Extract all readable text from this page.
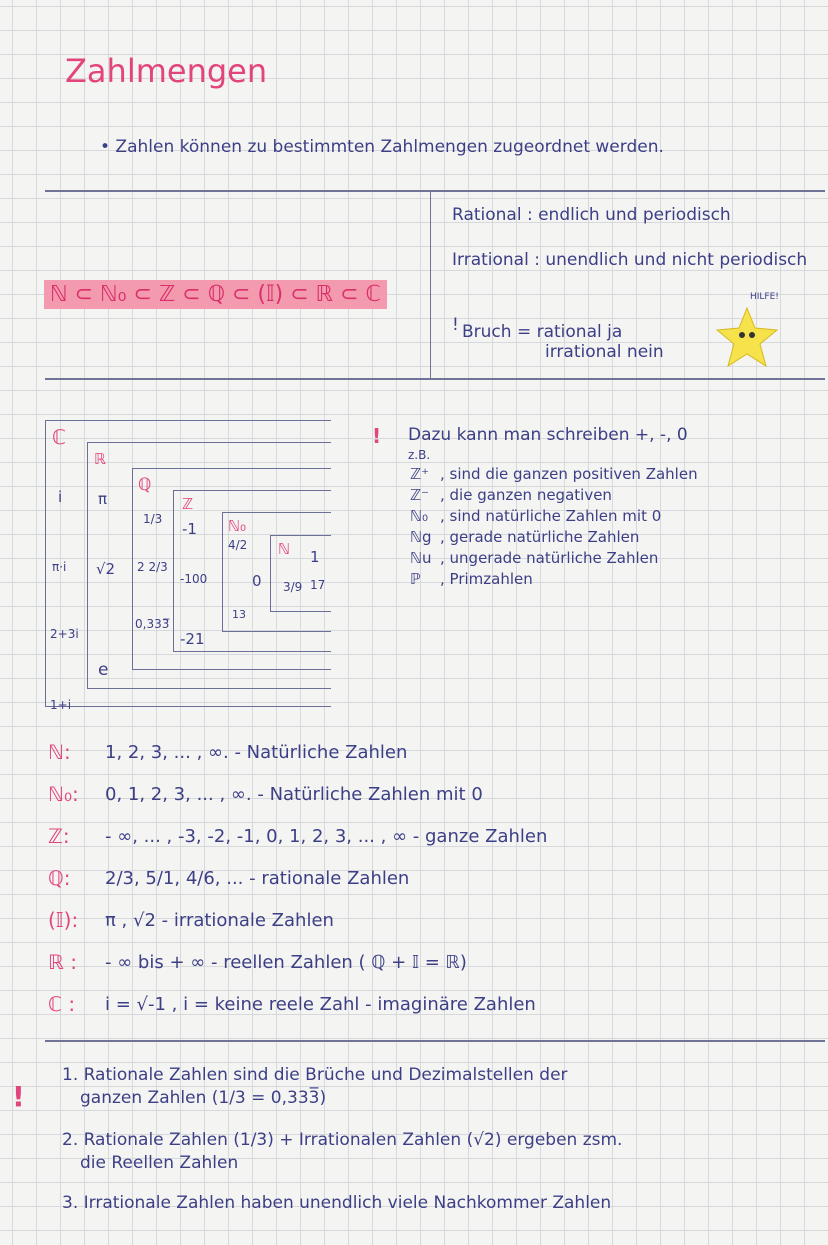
Zahlmengen
• Zahlen können zu bestimmten Zahlmengen zugeordnet werden.
ℕ ⊂ ℕ₀ ⊂ ℤ ⊂ ℚ ⊂ (𝕀) ⊂ ℝ ⊂ ℂ
Rational : endlich und periodisch
Irrational : unendlich und nicht periodisch
! Bruch = rational ja
irrational nein
HILFE!
ℂ
ℝ
ℚ
ℤ
ℕ₀
ℕ
i
π·i
2+3i
1+i
π
√2
e
1/3
2 2/3
0,333̅
-1
-100
-21
4/2
0
13
1
17
3/9
! Dazu kann man schreiben +, -, 0
z.B.
!
ℤ⁺ , sind die ganzen positiven Zahlen
ℤ⁻ , die ganzen negativen
ℕ₀ , sind natürliche Zahlen mit 0
ℕg , gerade natürliche Zahlen
ℕu , ungerade natürliche Zahlen
ℙ , Primzahlen
ℕ: 1, 2, 3, ... , ∞. - Natürliche Zahlen
ℕ₀: 0, 1, 2, 3, ... , ∞. - Natürliche Zahlen mit 0
ℤ: - ∞, ... , -3, -2, -1, 0, 1, 2, 3, ... , ∞ - ganze Zahlen
ℚ: 2/3, 5/1, 4/6, ... - rationale Zahlen
(𝕀): π , √2 - irrationale Zahlen
ℝ : - ∞ bis + ∞ - reellen Zahlen ( ℚ + 𝕀 = ℝ)
ℂ : i = √-1 , i = keine reele Zahl - imaginäre Zahlen
1. Rationale Zahlen sind die Brüche und Dezimalstellen der
ganzen Zahlen (1/3 = 0,333̅)
2. Rationale Zahlen (1/3) + Irrationalen Zahlen (√2) ergeben zsm.
die Reellen Zahlen
3. Irrationale Zahlen haben unendlich viele Nachkommer Zahlen
